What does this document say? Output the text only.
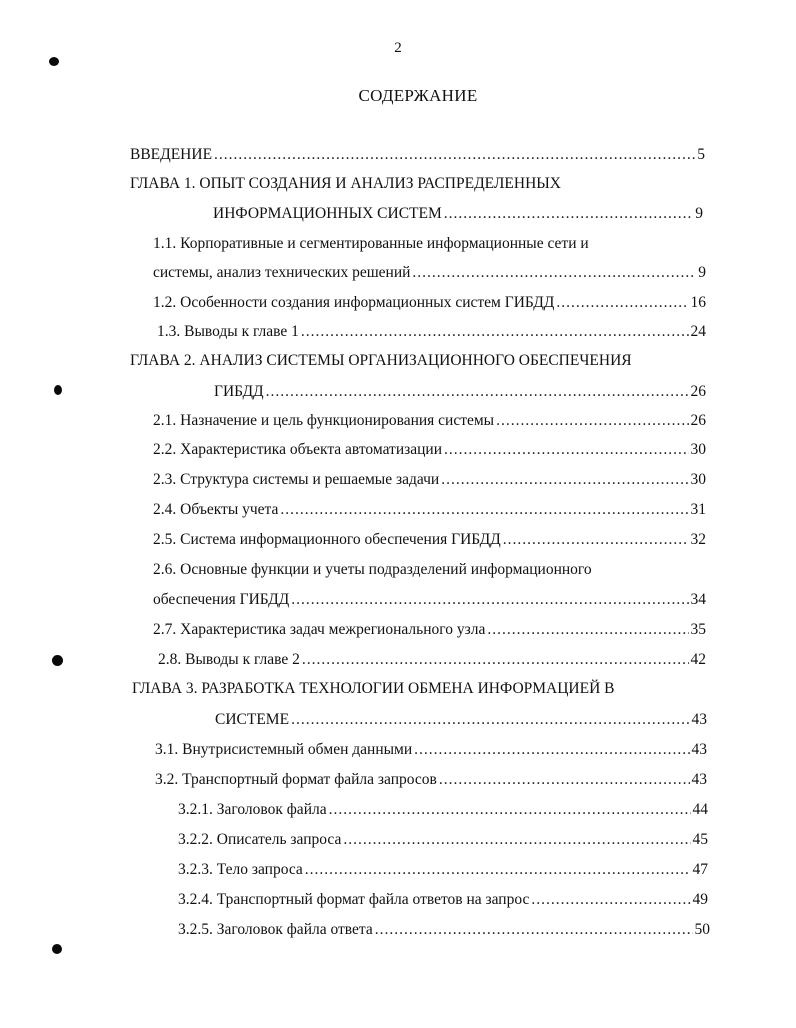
2
СОДЕРЖАНИЕ
ВВЕДЕНИЕ .....	5
ГЛАВА 1. ОПЫТ СОЗДАНИЯ И АНАЛИЗ РАСПРЕДЕЛЕННЫХ
ИНФОРМАЦИОННЫХ СИСТЕМ .....	9
1.1. Корпоративные и сегментированные информационные сети и
системы, анализ технических решений .....	9
1.2. Особенности создания информационных систем ГИБДД .....	16
1.3. Выводы к главе 1 .....	24
ГЛАВА 2. АНАЛИЗ СИСТЕМЫ ОРГАНИЗАЦИОННОГО ОБЕСПЕЧЕНИЯ
ГИБДД .....	26
2.1. Назначение и цель функционирования системы .....	26
2.2. Характеристика объекта автоматизации .....	30
2.3. Структура системы и решаемые задачи .....	30
2.4. Объекты учета .....	31
2.5. Система информационного обеспечения ГИБДД .....	32
2.6. Основные функции и учеты подразделений информационного
обеспечения ГИБДД .....	34
2.7. Характеристика задач межрегионального узла .....	35
2.8. Выводы к главе 2 .....	42
ГЛАВА 3. РАЗРАБОТКА ТЕХНОЛОГИИ ОБМЕНА ИНФОРМАЦИЕЙ В
СИСТЕМЕ .....	43
3.1. Внутрисистемный обмен данными .....	43
3.2. Транспортный формат файла запросов .....	43
3.2.1. Заголовок файла .....	44
3.2.2. Описатель запроса .....	45
3.2.3. Тело запроса .....	47
3.2.4. Транспортный формат файла ответов на запрос .....	49
3.2.5. Заголовок файла ответа .....	50
